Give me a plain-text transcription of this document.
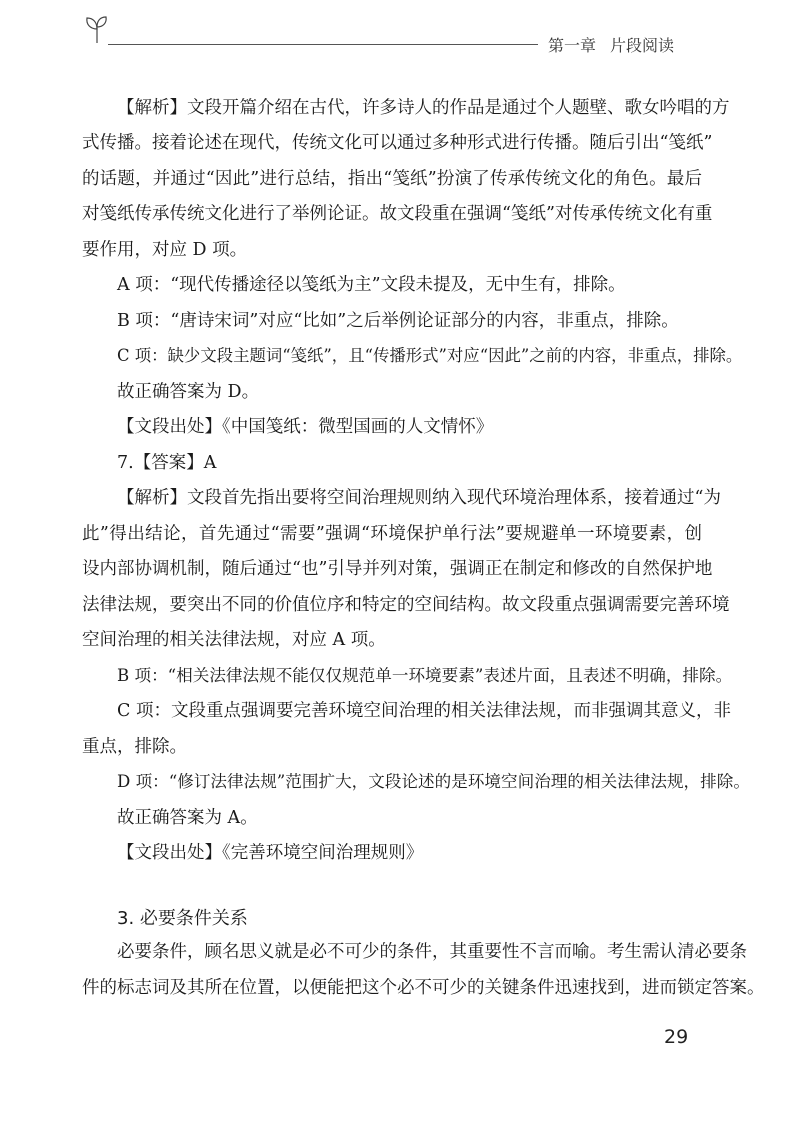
第一章 片段阅读
【解析】文段开篇介绍在古代，许多诗人的作品是通过个人题壁、歌女吟唱的方
式传播。接着论述在现代，传统文化可以通过多种形式进行传播。随后引出“笺纸”
的话题，并通过“因此”进行总结，指出“笺纸”扮演了传承传统文化的角色。最后
对笺纸传承传统文化进行了举例论证。故文段重在强调“笺纸”对传承传统文化有重
要作用，对应 D 项。
A 项：“现代传播途径以笺纸为主”文段未提及，无中生有，排除。
B 项：“唐诗宋词”对应“比如”之后举例论证部分的内容，非重点，排除。
C 项：缺少文段主题词“笺纸”，且“传播形式”对应“因此”之前的内容，非重点，排除。
故正确答案为 D。
【文段出处】《中国笺纸：微型国画的人文情怀》
7.【答案】A
【解析】文段首先指出要将空间治理规则纳入现代环境治理体系，接着通过“为
此”得出结论，首先通过“需要”强调“环境保护单行法”要规避单一环境要素，创
设内部协调机制，随后通过“也”引导并列对策，强调正在制定和修改的自然保护地
法律法规，要突出不同的价值位序和特定的空间结构。故文段重点强调需要完善环境
空间治理的相关法律法规，对应 A 项。
B 项：“相关法律法规不能仅仅规范单一环境要素”表述片面，且表述不明确，排除。
C 项：文段重点强调要完善环境空间治理的相关法律法规，而非强调其意义，非
重点，排除。
D 项：“修订法律法规”范围扩大，文段论述的是环境空间治理的相关法律法规，排除。
故正确答案为 A。
【文段出处】《完善环境空间治理规则》
3. 必要条件关系
必要条件，顾名思义就是必不可少的条件，其重要性不言而喻。考生需认清必要条
件的标志词及其所在位置，以便能把这个必不可少的关键条件迅速找到，进而锁定答案。
29
